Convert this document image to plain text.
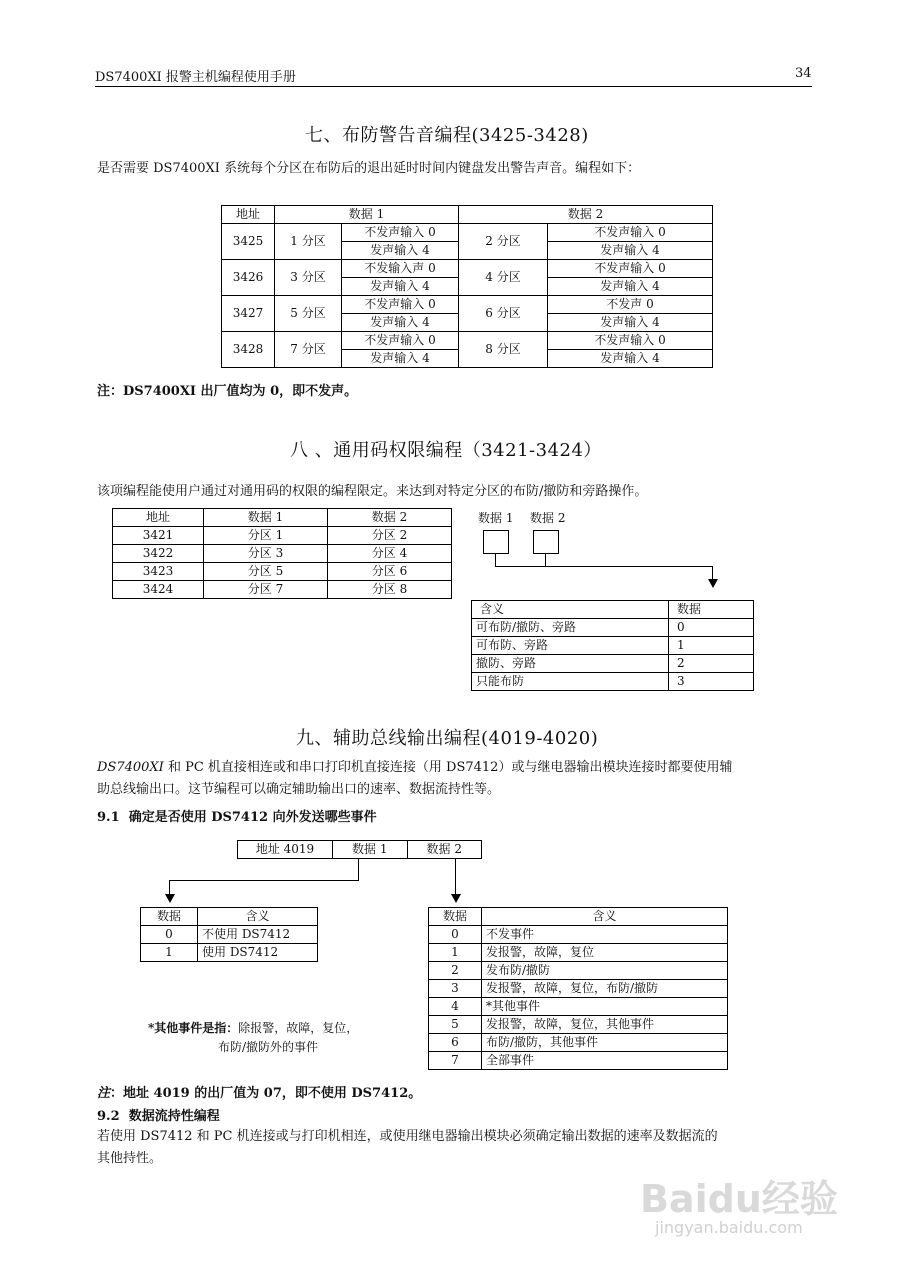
DS7400XI 报警主机编程使用手册	34
七、布防警告音编程(3425-3428)
是否需要 DS7400XI 系统每个分区在布防后的退出延时时间内键盘发出警告声音。编程如下：
地址	数据 1		数据 2	
3425	1 分区	不发声输入 0	2 分区	不发声输入 0
		发声输入 4		发声输入 4
3426	3 分区	不发输入声 0	4 分区	不发声输入 0
		发声输入 4		发声输入 4
3427	5 分区	不发声输入 0	6 分区	不发声 0
		发声输入 4		发声输入 4
3428	7 分区	不发声输入 0	8 分区	不发声输入 0
		发声输入 4		发声输入 4
注：DS7400XI 出厂值均为 0，即不发声。
八 、通用码权限编程（3421-3424）
该项编程能使用户通过对通用码的权限的编程限定。来达到对特定分区的布防/撤防和旁路操作。
地址	数据 1	数据 2
3421	分区 1	分区 2
3422	分区 3	分区 4
3423	分区 5	分区 6
3424	分区 7	分区 8
数据 1 数据 2
含义	数据
可布防/撤防、旁路	0
可布防、旁路	1
撤防、旁路	2
只能布防	3
九、辅助总线输出编程(4019-4020)
DS7400XI 和 PC 机直接相连或和串口打印机直接连接（用 DS7412）或与继电器输出模块连接时都要使用辅
助总线输出口。这节编程可以确定辅助输出口的速率、数据流持性等。
9.1 确定是否使用 DS7412 向外发送哪些事件
地址 4019	数据 1	数据 2
数据	含义
0	不使用 DS7412
1	使用 DS7412
数据	含义
0	不发事件
1	发报警，故障，复位
2	发布防/撤防
3	发报警，故障，复位，布防/撤防
4	*其他事件
5	发报警，故障，复位，其他事件
6	布防/撤防，其他事件
7	全部事件
*其他事件是指：除报警，故障，复位，
布防/撤防外的事件
注：地址 4019 的出厂值为 07，即不使用 DS7412。
9.2 数据流持性编程
若使用 DS7412 和 PC 机连接或与打印机相连，或使用继电器输出模块必须确定输出数据的速率及数据流的
其他持性。
Baidu经验
jingyan.baidu.com
